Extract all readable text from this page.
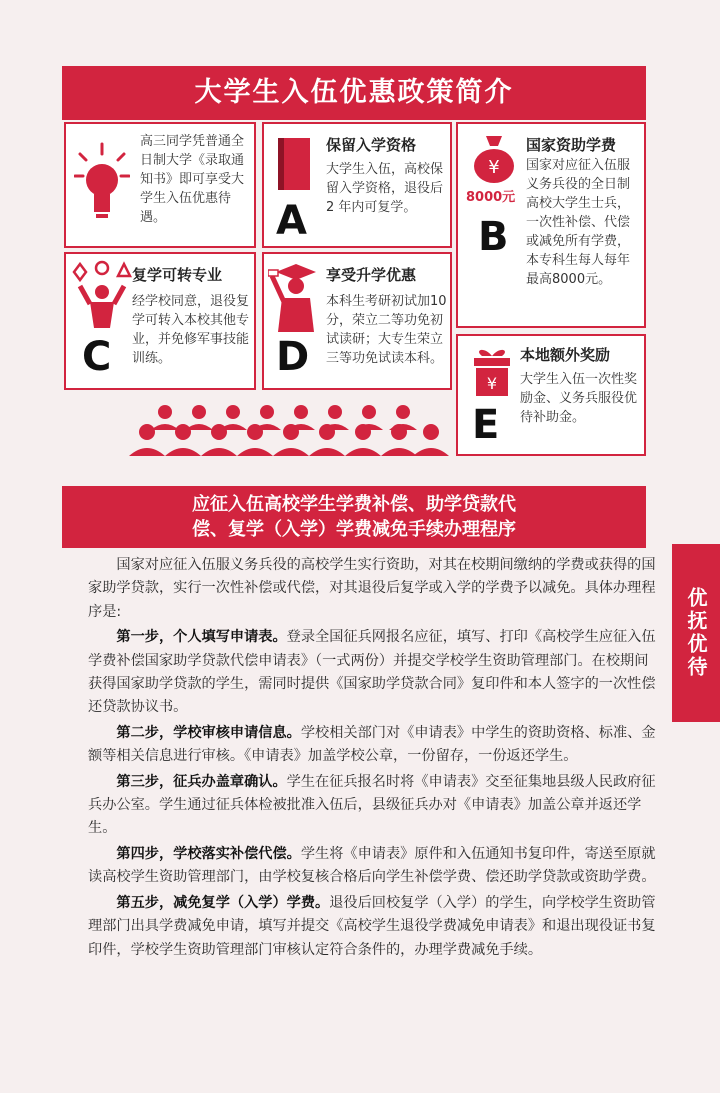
大学生入伍优惠政策简介
高三同学凭普通全日制大学《录取通知书》即可享受大学生入伍优惠待遇。	A
保留入学资格
大学生入伍，高校保留入学资格，退役后 2 年内可复学。
¥
8000元
B
国家资助学费
国家对应征入伍服义务兵役的全日制高校大学生士兵，一次性补偿、代偿或减免所有学费，本专科生每人每年最高8000元。
C
复学可转专业
经学校同意，退役复学可转入本校其他专业，并免修军事技能训练。	D
享受升学优惠
本科生考研初试加10分，荣立二等功免初试读研；大专生荣立三等功免试读本科。
¥
E
本地额外奖励
大学生入伍一次性奖励金、义务兵服役优待补助金。
应征入伍高校学生学费补偿、助学贷款代
偿、复学（入学）学费减免手续办理程序
优抚优待

国家对应征入伍服义务兵役的高校学生实行资助，对其在校期间缴纳的学费或获得的国家助学贷款，实行一次性补偿或代偿，对其退役后复学或入学的学费予以减免。具体办理程序是:

第一步，个人填写申请表。登录全国征兵网报名应征，填写、打印《高校学生应征入伍学费补偿国家助学贷款代偿申请表》（一式两份）并提交学校学生资助管理部门。在校期间获得国家助学贷款的学生，需同时提供《国家助学贷款合同》复印件和本人签字的一次性偿还贷款协议书。

第二步，学校审核申请信息。学校相关部门对《申请表》中学生的资助资格、标准、金额等相关信息进行审核。《申请表》加盖学校公章，一份留存，一份返还学生。

第三步，征兵办盖章确认。学生在征兵报名时将《申请表》交至征集地县级人民政府征兵办公室。学生通过征兵体检被批准入伍后，县级征兵办对《申请表》加盖公章并返还学生。

第四步，学校落实补偿代偿。学生将《申请表》原件和入伍通知书复印件，寄送至原就读高校学生资助管理部门，由学校复核合格后向学生补偿学费、偿还助学贷款或资助学费。

第五步，减免复学（入学）学费。退役后回校复学（入学）的学生，向学校学生资助管理部门出具学费减免申请，填写并提交《高校学生退役学费减免申请表》和退出现役证书复印件，学校学生资助管理部门审核认定符合条件的，办理学费减免手续。
